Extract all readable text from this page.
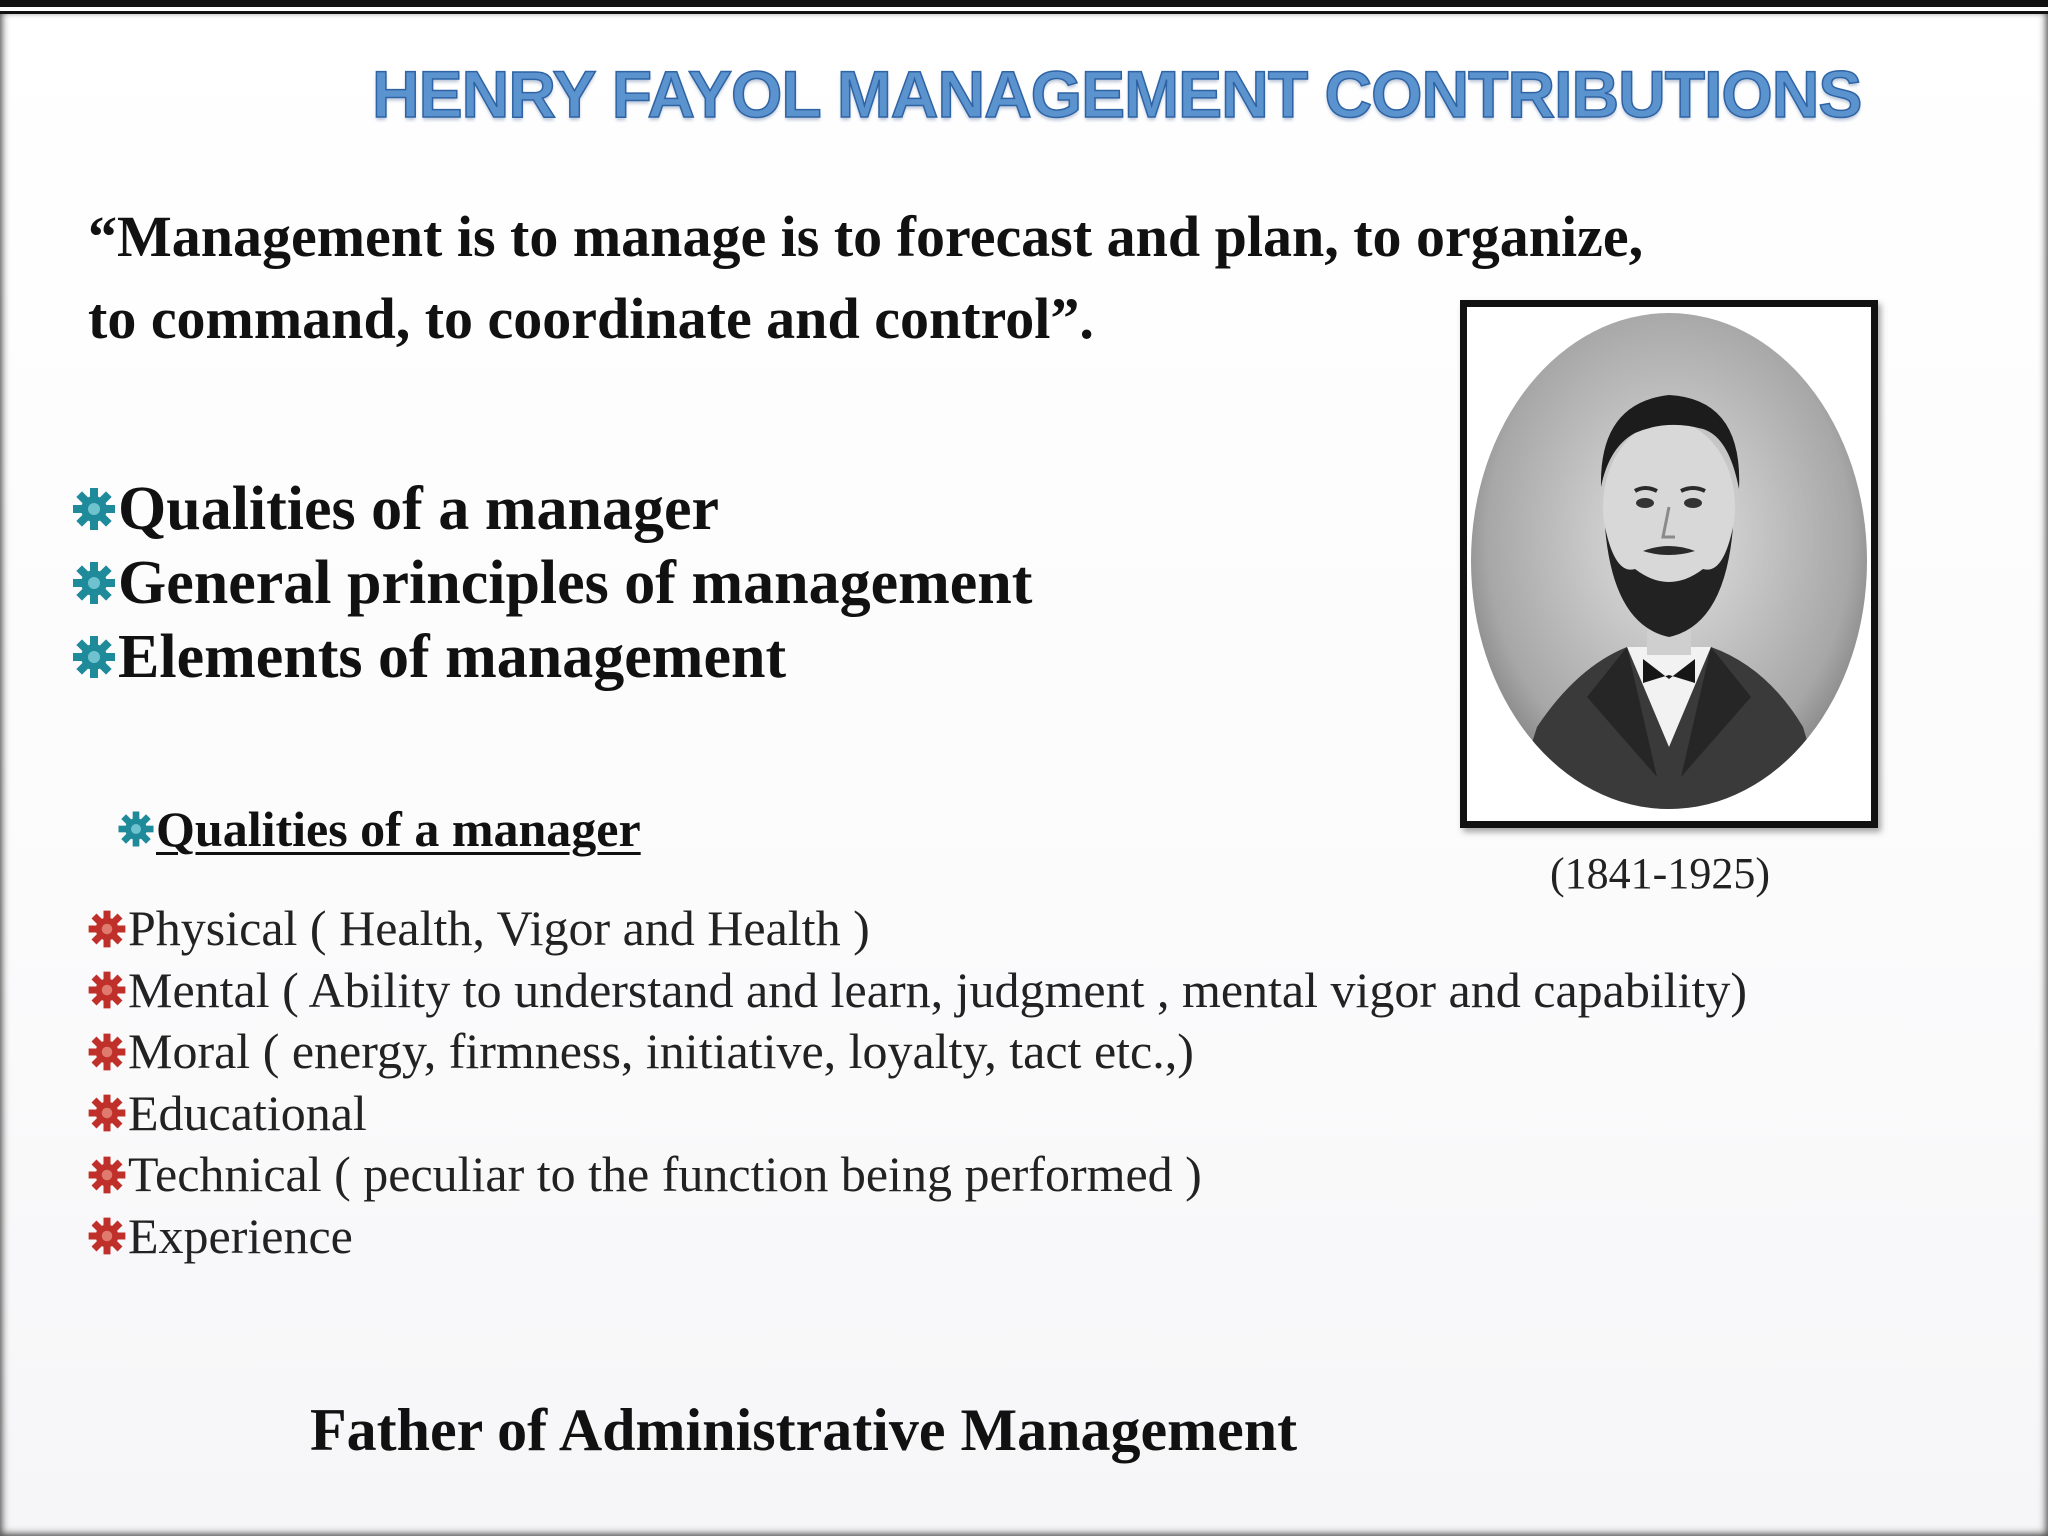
HENRY FAYOL MANAGEMENT CONTRIBUTIONS
“Management is to manage is to forecast and plan, to organize,
to command, to coordinate and control”.
Qualities of a manager
General principles of management
Elements of management
Qualities of a manager
Physical ( Health, Vigor and Health )
Mental ( Ability to understand and learn, judgment , mental vigor and capability)
Moral ( energy, firmness, initiative, loyalty, tact etc.,)
Educational
Technical ( peculiar to the function being performed )
Experience
(1841-1925)
Father of Administrative Management
